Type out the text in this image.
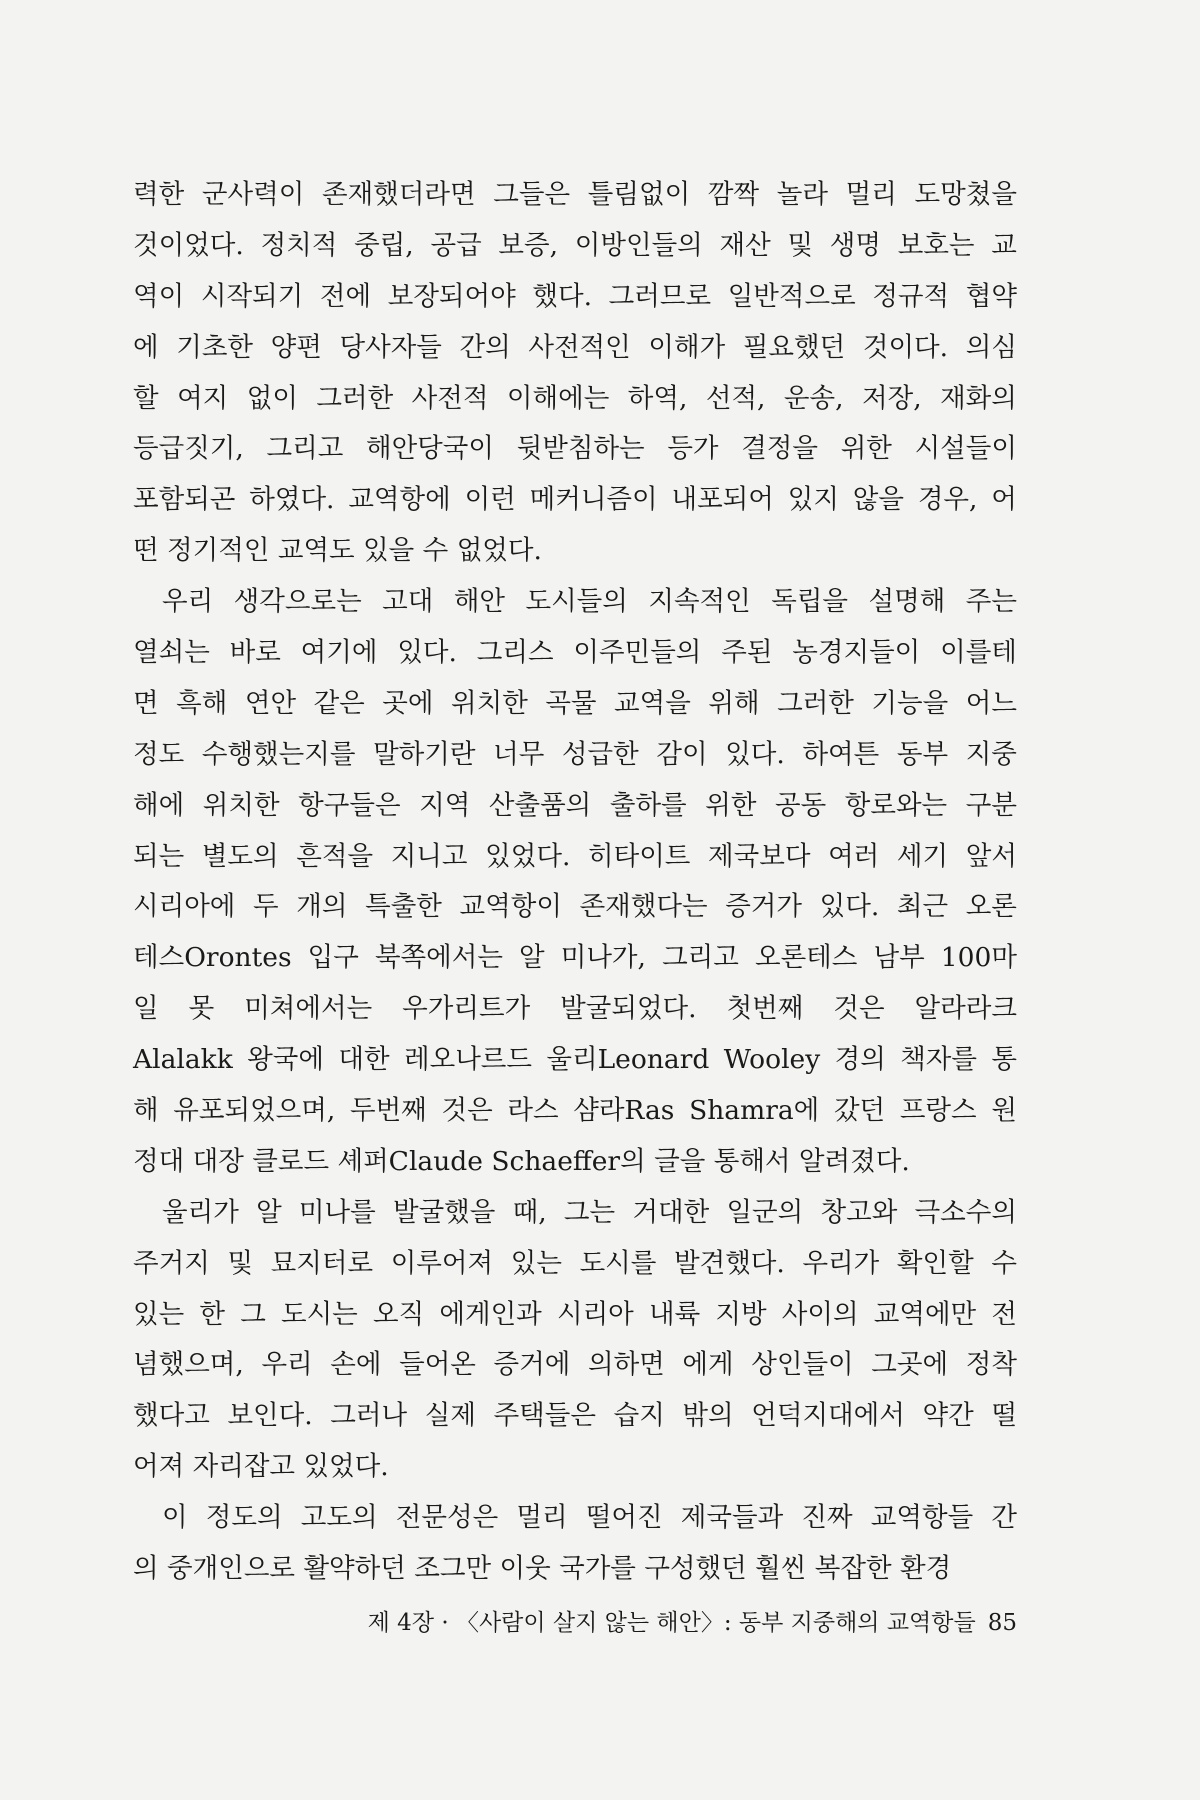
력한 군사력이 존재했더라면 그들은 틀림없이 깜짝 놀라 멀리 도망쳤을
것이었다. 정치적 중립, 공급 보증, 이방인들의 재산 및 생명 보호는 교
역이 시작되기 전에 보장되어야 했다. 그러므로 일반적으로 정규적 협약
에 기초한 양편 당사자들 간의 사전적인 이해가 필요했던 것이다. 의심
할 여지 없이 그러한 사전적 이해에는 하역, 선적, 운송, 저장, 재화의
등급짓기, 그리고 해안당국이 뒷받침하는 등가 결정을 위한 시설들이
포함되곤 하였다. 교역항에 이런 메커니즘이 내포되어 있지 않을 경우, 어
떤 정기적인 교역도 있을 수 없었다.
우리 생각으로는 고대 해안 도시들의 지속적인 독립을 설명해 주는
열쇠는 바로 여기에 있다. 그리스 이주민들의 주된 농경지들이 이를테
면 흑해 연안 같은 곳에 위치한 곡물 교역을 위해 그러한 기능을 어느
정도 수행했는지를 말하기란 너무 성급한 감이 있다. 하여튼 동부 지중
해에 위치한 항구들은 지역 산출품의 출하를 위한 공동 항로와는 구분
되는 별도의 흔적을 지니고 있었다. 히타이트 제국보다 여러 세기 앞서
시리아에 두 개의 특출한 교역항이 존재했다는 증거가 있다. 최근 오론
테스Orontes 입구 북쪽에서는 알 미나가, 그리고 오론테스 남부 100마
일 못 미쳐에서는 우가리트가 발굴되었다. 첫번째 것은 알라라크
Alalakk 왕국에 대한 레오나르드 울리Leonard Wooley 경의 책자를 통
해 유포되었으며, 두번째 것은 라스 샴라Ras Shamra에 갔던 프랑스 원
정대 대장 클로드 셰퍼Claude Schaeffer의 글을 통해서 알려졌다.
울리가 알 미나를 발굴했을 때, 그는 거대한 일군의 창고와 극소수의
주거지 및 묘지터로 이루어져 있는 도시를 발견했다. 우리가 확인할 수
있는 한 그 도시는 오직 에게인과 시리아 내륙 지방 사이의 교역에만 전
념했으며, 우리 손에 들어온 증거에 의하면 에게 상인들이 그곳에 정착
했다고 보인다. 그러나 실제 주택들은 습지 밖의 언덕지대에서 약간 떨
어져 자리잡고 있었다.
이 정도의 고도의 전문성은 멀리 떨어진 제국들과 진짜 교역항들 간
의 중개인으로 활약하던 조그만 이웃 국가를 구성했던 훨씬 복잡한 환경
제 4장 · 〈사람이 살지 않는 해안〉: 동부 지중해의 교역항들 85
